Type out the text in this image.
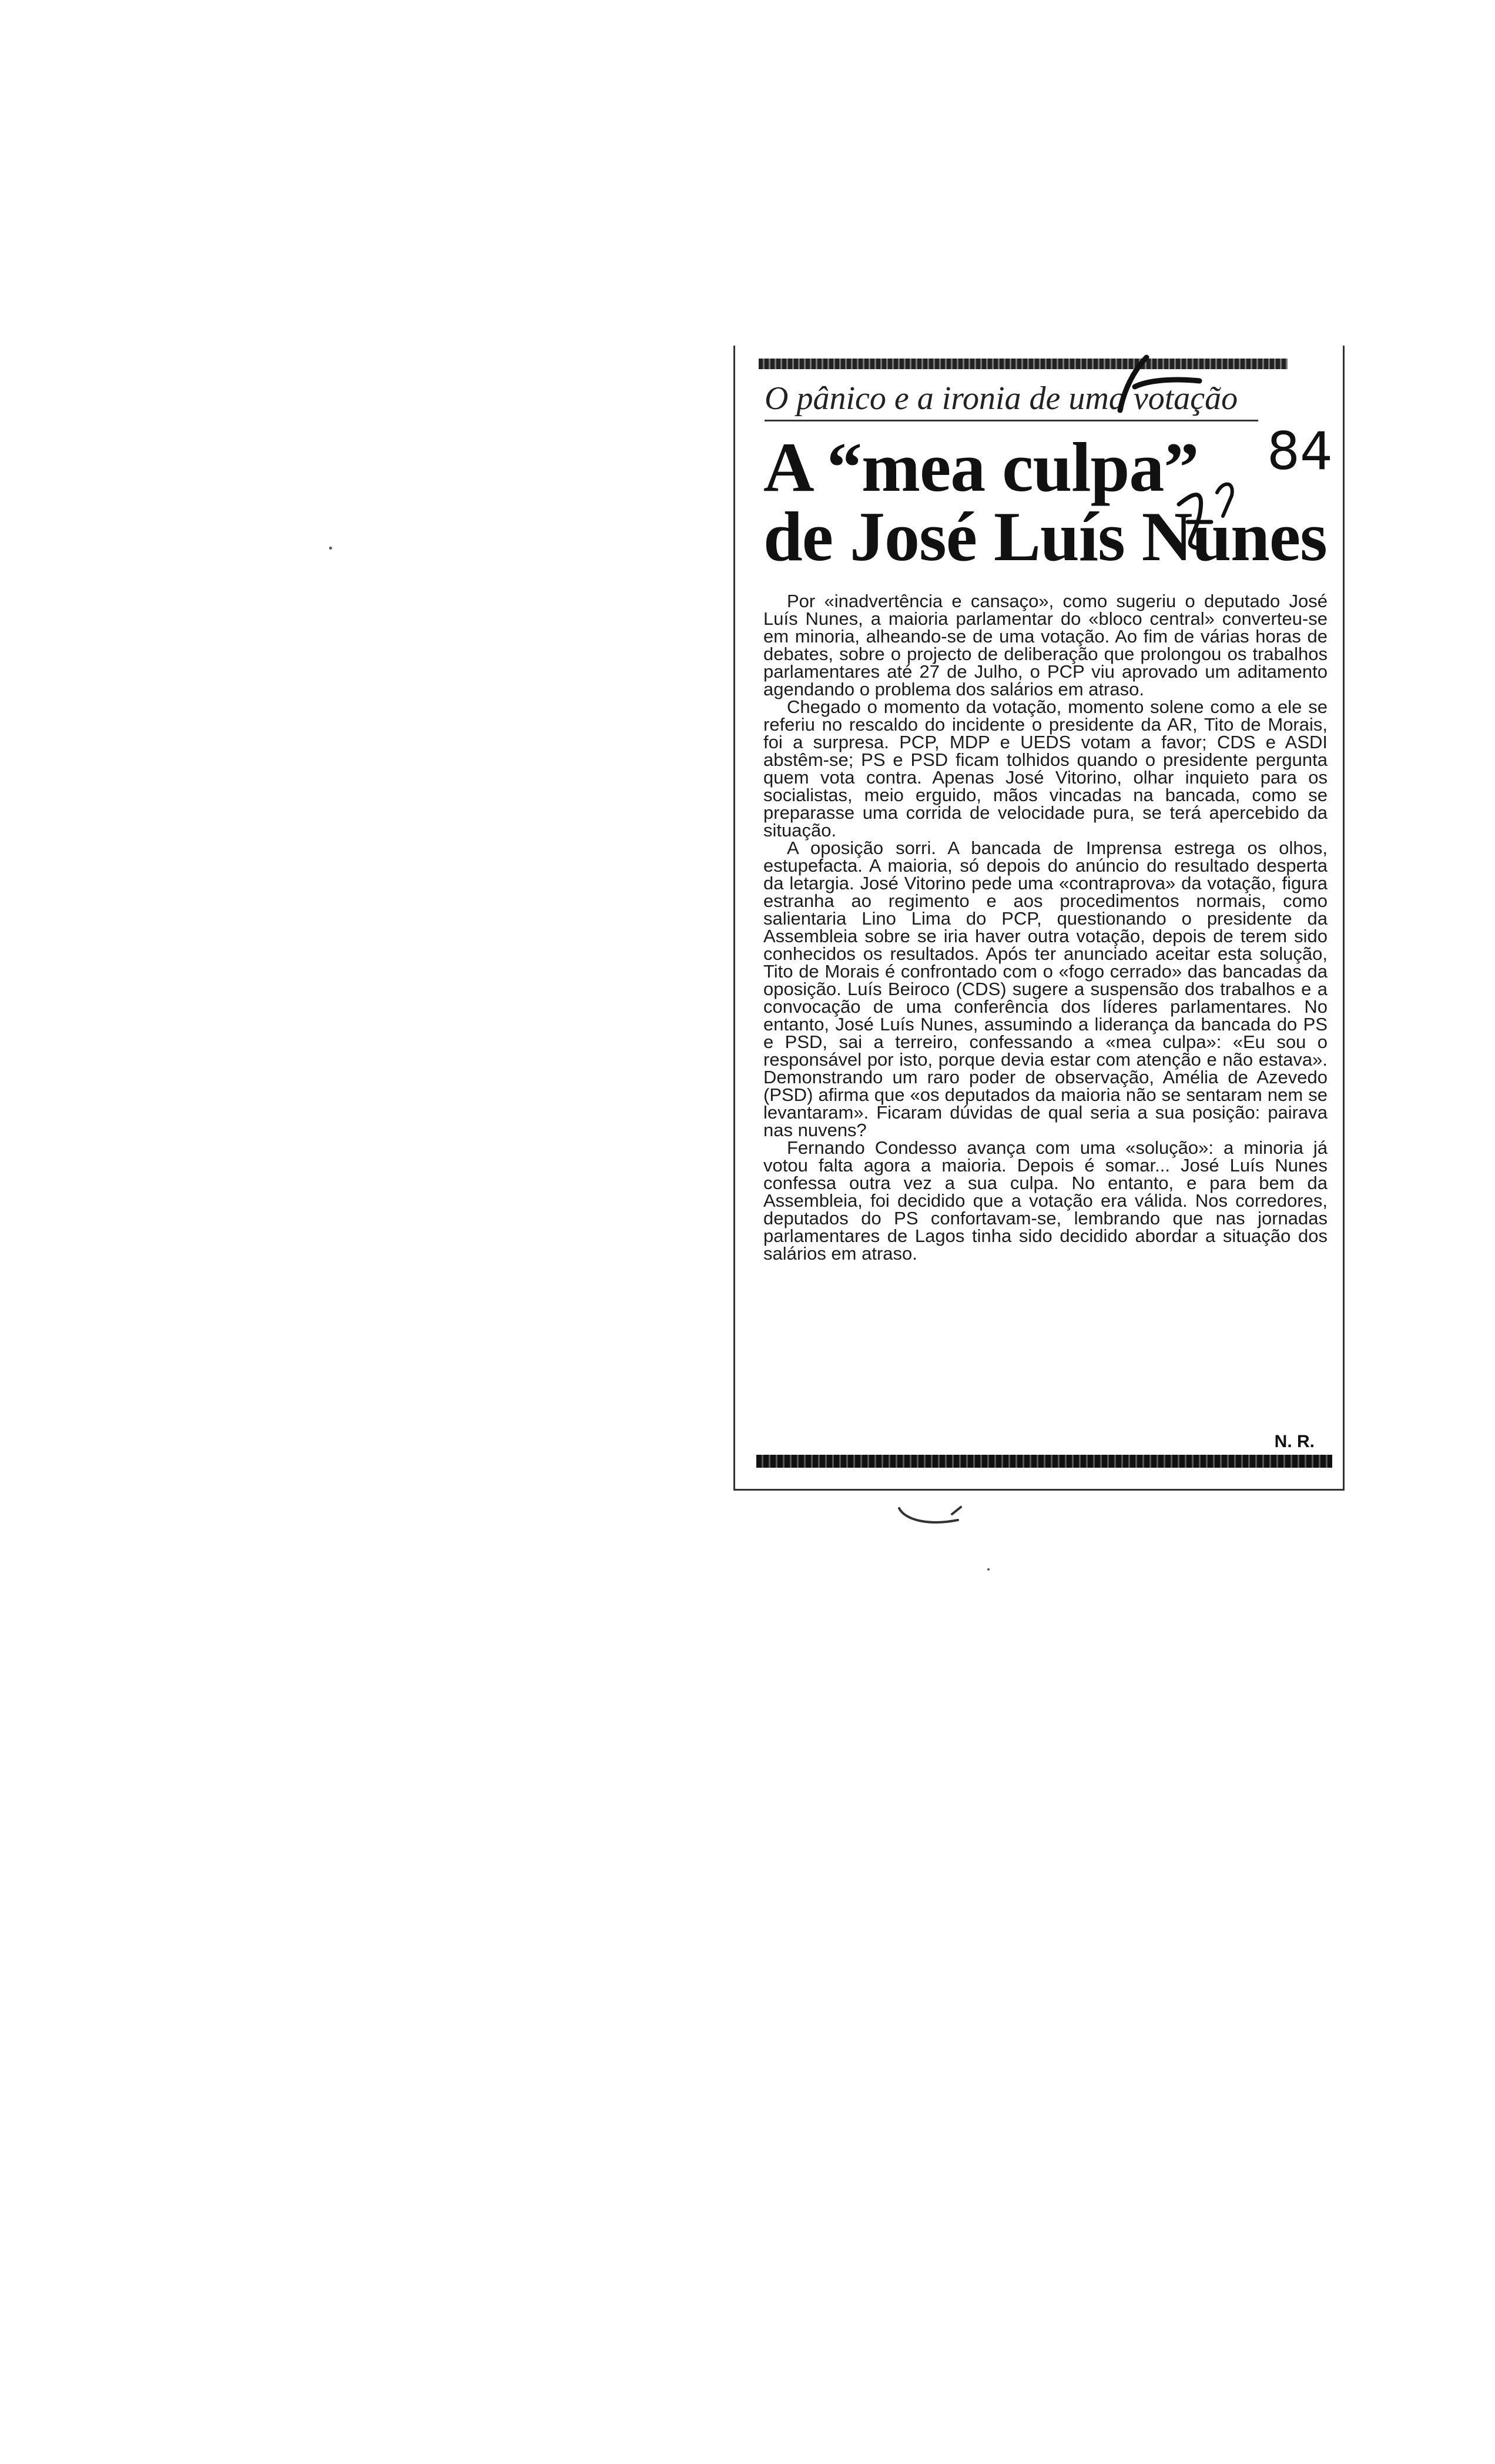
O pânico e a ironia de uma votação
A “mea culpa”
de José Luís Nunes
84

Por «inadvertência e cansaço», como sugeriu o deputado José Luís Nunes, a maioria parlamentar do «bloco central» converteu-se em minoria, alheando-se de uma votação. Ao fim de várias horas de debates, sobre o projecto de deliberação que prolongou os trabalhos parlamentares até 27 de Julho, o PCP viu aprovado um aditamento agendando o problema dos salários em atraso.

Chegado o momento da votação, momento solene como a ele se referiu no rescaldo do incidente o presidente da AR, Tito de Morais, foi a surpresa. PCP, MDP e UEDS votam a favor; CDS e ASDI abstêm-se; PS e PSD ficam tolhidos quando o presidente pergunta quem vota contra. Apenas José Vitorino, olhar inquieto para os socialistas, meio erguido, mãos vincadas na bancada, como se preparasse uma corrida de velocidade pura, se terá apercebido da situação.

A oposição sorri. A bancada de Imprensa estrega os olhos, estupefacta. A maioria, só depois do anúncio do resultado desperta da letargia. José Vitorino pede uma «contraprova» da votação, figura estranha ao regimento e aos procedimentos normais, como salientaria Lino Lima do PCP, questionando o presidente da Assembleia sobre se iria haver outra votação, depois de terem sido conhecidos os resultados. Após ter anunciado aceitar esta solução, Tito de Morais é confrontado com o «fogo cerrado» das bancadas da oposição. Luís Beiroco (CDS) sugere a suspensão dos trabalhos e a convocação de uma conferência dos líderes parlamentares. No entanto, José Luís Nunes, assumindo a liderança da bancada do PS e PSD, sai a terreiro, confessando a «mea culpa»: «Eu sou o responsável por isto, porque devia estar com atenção e não estava». Demonstrando um raro poder de observação, Amélia de Azevedo (PSD) afirma que «os deputados da maioria não se sentaram nem se levantaram». Ficaram dúvidas de qual seria a sua posição: pairava nas nuvens?

Fernando Condesso avança com uma «solução»: a minoria já votou falta agora a maioria. Depois é somar... José Luís Nunes confessa outra vez a sua culpa. No entanto, e para bem da Assembleia, foi decidido que a votação era válida. Nos corredores, deputados do PS confortavam-se, lembrando que nas jornadas parlamentares de Lagos tinha sido decidido abordar a situação dos salários em atraso.

N. R.
